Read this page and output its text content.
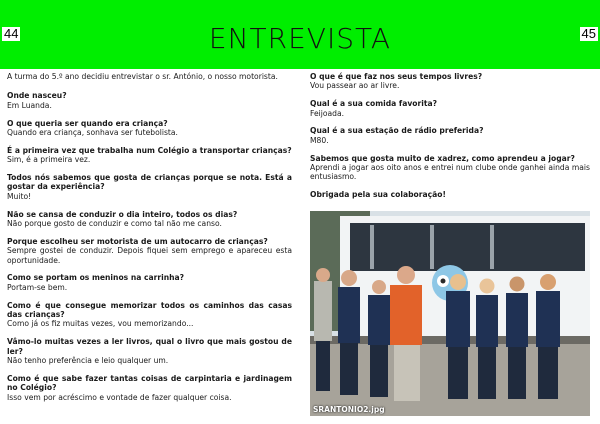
44	ENTREVISTA	45

A turma do 5.º ano decidiu entrevistar o sr. António, o nosso motorista.

Onde nasceu?
Em Luanda.
O que queria ser quando era criança?
Quando era criança, sonhava ser futebolista.
É a primeira vez que trabalha num Colégio a transportar crianças?
Sim, é a primeira vez.
Todos nós sabemos que gosta de crianças porque se nota. Está a gostar da experiência?
Muito!
Não se cansa de conduzir o dia inteiro, todos os dias?
Não porque gosto de conduzir e como tal não me canso.
Porque escolheu ser motorista de um autocarro de crianças?
Sempre gostei de conduzir. Depois fiquei sem emprego e apareceu esta oportunidade.
Como se portam os meninos na carrinha?
Portam-se bem.
Como é que consegue memorizar todos os caminhos das casas das crianças?
Como já os fiz muitas vezes, vou memorizando...
Vâmo-lo muitas vezes a ler livros, qual o livro que mais gostou de ler?
Não tenho preferência e leio qualquer um.
Como é que sabe fazer tantas coisas de carpintaria e jardinagem no Colégio?
Isso vem por acréscimo e vontade de fazer qualquer coisa.
O que é que faz nos seus tempos livres?
Vou passear ao ar livre.
Qual é a sua comida favorita?
Feijoada.
Qual é a sua estação de rádio preferida?
M80.
Sabemos que gosta muito de xadrez, como aprendeu a jogar?
Aprendi a jogar aos oito anos e entrei num clube onde ganhei ainda mais entusiasmo.
Obrigada pela sua colaboração!
SRANTONIO2.jpg
